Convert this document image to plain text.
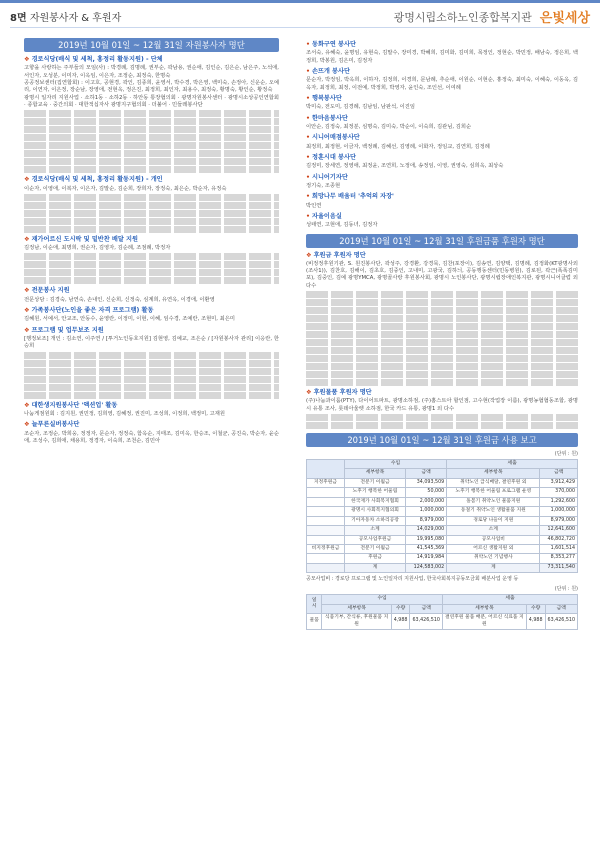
8면 자원봉사자 & 후원자	광명시립소하노인종합복지관 은빛세상
2019년 10월 01일 ~ 12월 31일 자원봉사자 명단
❖ 경로식당(배식 및 세척, 홍정리 활동지원) - 단체

고향을 사랑하는 주부들의 모임(사) : 박경례, 김명례, 권부순, 곽남용, 권순애, 김인순, 김은순, 남은주, 노석애, 서인자, 오성분, 이미자, 이옥임, 이은자, 조정순, 최정숙, 한명숙

공공정보센터(집연합회) : 이고호, 공현경, 곽인, 김종희, 윤영서, 박수경, 박은영, 백미숙, 손정아, 신운순, 오예리, 이연자, 이은정, 장순남, 장영애, 전현옥, 정은진, 최정희, 최인자, 최용수, 최정숙, 황명숙, 황인순, 황정숙

광명시 일자리 지원사업 · 소하1동 · 소하2동 · 하안동 통장협의회 · 광명자원봉사센터 · 광명시소상공인연합회 · 종합교육 · 중간의회 · 대한적십자사 광명지구협의회 · 더불어 · 민들레봉사단

❖ 경로식당(배식 및 세척, 홍정리 활동지원) - 개인

이순자, 이영애, 이복자, 이은자, 김말순, 김순희, 장희자, 장정숙, 최은순, 박순자, 유정숙

❖ 재가어르신 도시락 및 밑반찬 배달 지원

김정남, 이순애, 최명희, 권순자, 김영자, 김순례, 조점례, 박정자

❖ 전문봉사 지원

전문상담 : 김경숙, 남연숙, 손내인, 신순희, 신정숙, 심계희, 유연옥, 이경애, 이환영

❖ 가족봉사단(노인을 좋은 자격 프로그램) 활동

김혜원, 서예서, 안교조, 안동수, 윤영란, 이정미, 이현, 이혜, 임수경, 조예란, 조현미, 최은미

❖ 프로그램 및 업무보조 지원

[행정보조] 개인 : 김소연, 이주연 / [투거노인동호지원] 김현영, 김예교, 조은순 / [자원봉사자 관리] 이응란, 한승희

❖ 대한생지원봉사단 '액션업' 활동

나눔게점원회 : 김지원, 권민정, 김희영, 김혜정, 권진미, 조성희, 이정희, 백정미, 고재원

❖ 늘푸른실버봉사단

조순자, 조정순, 박희웅, 정정자, 문순자, 정정숙, 함옥순, 지태조, 김미옥, 한승조, 이철균, 공진숙, 박순자, 윤순애, 조성수, 김희애, 채용희, 정경자, 이숙희, 조천순, 김민아

• 동화구연 봉사단

조서숙, 유혜숙, 윤명임, 유현숙, 김말수, 장미경, 박혜희, 김미화, 김미희, 목정인, 정현순, 박민정, 배남숙, 정은희, 백정희, 박봉원, 김은미, 김정자

• 손뜨개 봉사단

문순자, 박정임, 박옥희, 이하자, 김정희, 이경희, 문남례, 추순애, 이원순, 이현순, 홍정숙, 최미숙, 이혜숙, 이동옥, 김옥자, 최정희, 최정, 이전예, 박정희, 박영자, 윤인숙, 조인선, 이여례

• 행복봉사단

박미숙, 전도미, 김경례, 김남임, 남판석, 이진임

• 한마음봉사단

이안순, 김정숙, 최정분, 심명숙, 김미숙, 박순이, 이숙희, 김관님, 김희순

• 시니어매점봉사단

최정희, 최정현, 이금자, 백정례, 김혜선, 김영례, 이화자, 정임교, 김연희, 김정례

• 정훈시대 봉사단

김정미, 장세연, 정영애, 최정윤, 조연희, 노정애, 송정임, 이영, 권영숙, 심희옥, 최상숙

• 시니어기자단

정기숙, 조종현

• 희망나무 배움터 '추억의 자장'

박인연

• 자율이음실

성태연, 고현애, 김동녀, 김정자

2019년 10월 01일 ~ 12월 31일 후원금품 후원자 명단
❖ 후원금 후원자 명단

(비정정후원기관, S. 원진봉사단, 곽성주, 강경환, 강경묵, 김찬(포장이), 김송연, 김양택, 김명례, 김정화(KT광명사외(조사1)), 김찬호, 김해이, 김초호, 김중인, 고내미, 고광국, 김하늬, 공동행동센터(민동병원), 김로된, 곽근(폭폭김미포), 김중인, 김예 광명YMCA, 광명골사랑 후원봉사회, 광명시 노인봉사단, 광명시립장애인복지관, 광명시니어클럽 외 다수

❖ 후원물품 후원자 명단

(주)나눔과이룸(PTY), 다이어트파트, 광명소하점, (주)홈스트아 할인점, 고수현(작업장 이름), 광명농협협동조합, 광명시 유통 조사, 롯데아울렛 소하점, 한국 카드 유통, 광명1 외 다수

2019년 10월 01일 ~ 12월 31일 후원금 사용 보고
(단위 : 원)
	수입		세출	
	세부항목	금액	세부항목	금액
지정후원금	전분기 이월금	34,093,509	취약노인 급식배달, 결연후원 외	3,912,429
	노후기 행복한 어울림	50,000	노후기 행복한 어울림 프로그램 운영	370,000
	한국재가 사회복지협회	2,000,000	돌봄기 취약노인 물품지원	1,292,600
	광명시 사회복지협의회	1,000,000	동절기 취약노인 생활물품 지원	1,000,000
	기아자동차 소하리공장	8,979,000	경로당 나들이 지원	8,979,000
	소계	14,029,000	소계	12,641,600
	공모사업후원금	19,995,080	공모사업비	46,802,720
비지정후원금	전분기 이월금	41,545,369	어르신 생활지원 외	1,601,514
	후원금	14,919,984	취약노인 기념행사	8,353,277
	계	124,583,002	계	73,311,540
공모사업비 : 경로당 프로그램 및 노인일자리 지원사업, 한국사회복지공동모금회 배분사업 운영 등
(단위 : 원)
일 시	수입			세출		
	세부항목	수량	금액	세부항목	수량	금액
물품	식품기부, 간식류, 후원물품 지원	4,988	63,426,510	결연후원 물품 배분, 어르신 식료품 지원	4,988	63,426,510
